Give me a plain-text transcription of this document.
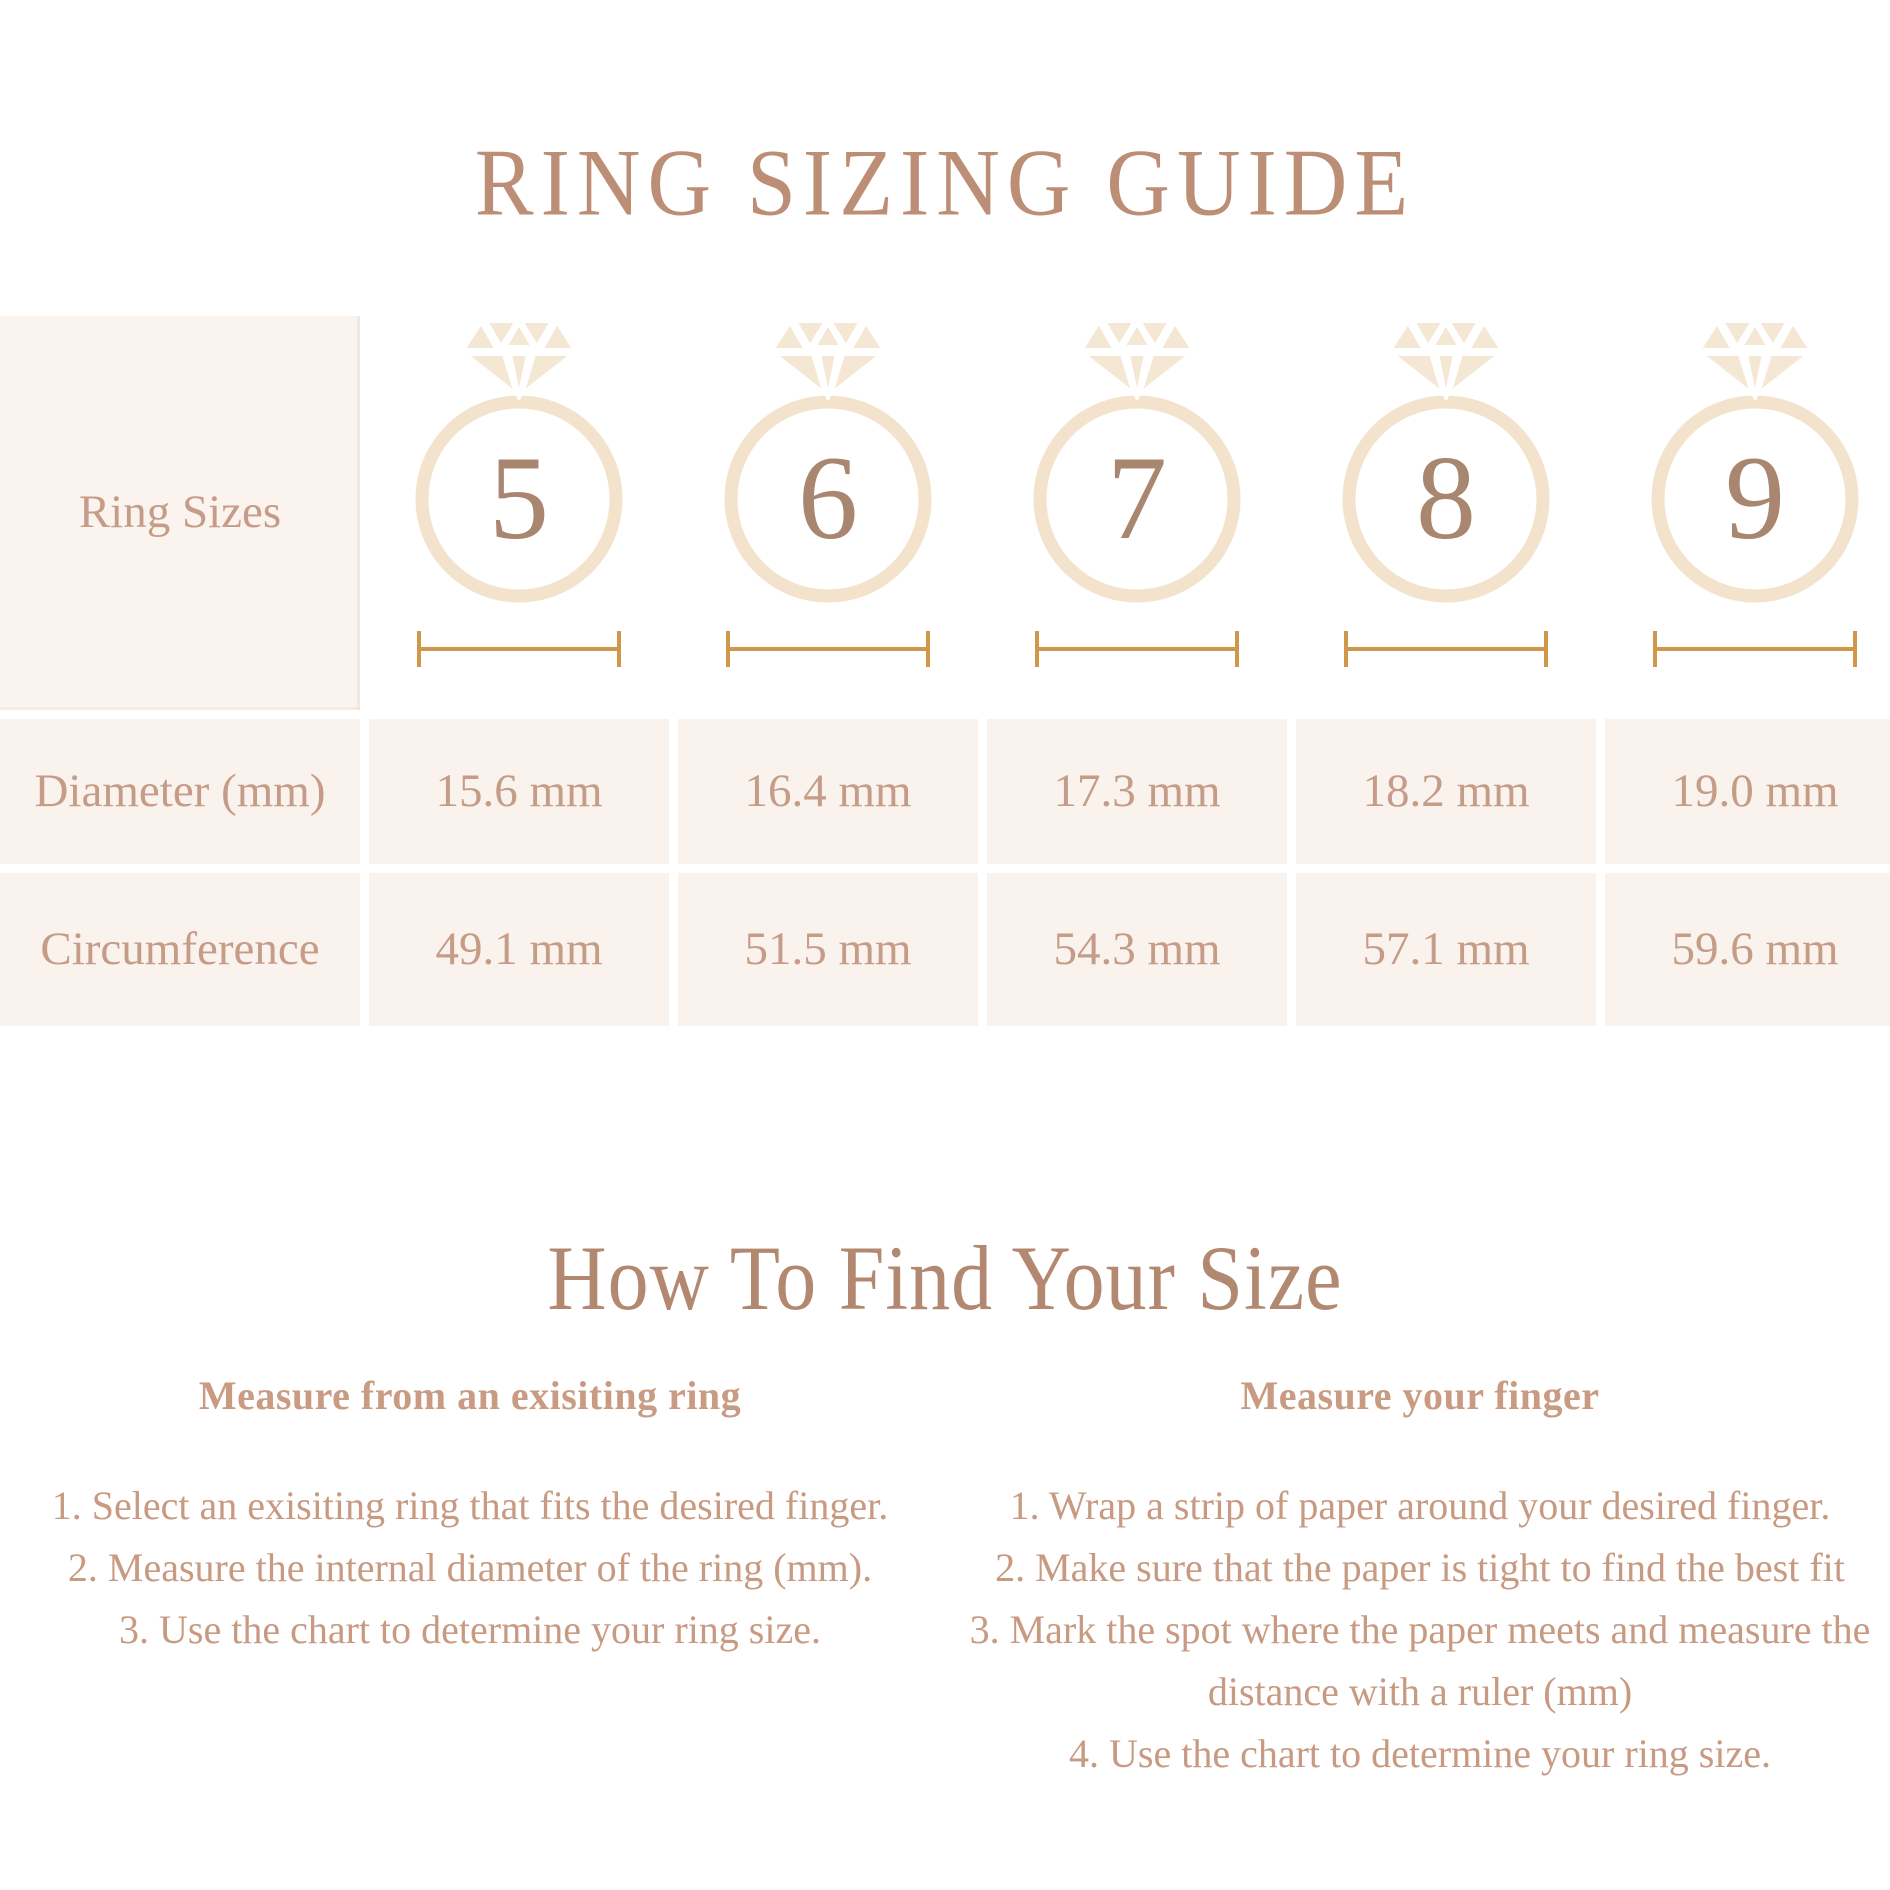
RING SIZING GUIDE
Ring Sizes 5 6 7 8 9
Diameter (mm) 15.6 mm	16.4 mm	17.3 mm	18.2 mm	19.0 mm
Circumference 49.1 mm	51.5 mm	54.3 mm	57.1 mm	59.6 mm
How To Find Your Size
Measure from an exisiting ring
1. Select an exisiting ring that fits the desired finger.
2. Measure the internal diameter of the ring (mm).
3. Use the chart to determine your ring size.
Measure your finger
1. Wrap a strip of paper around your desired finger.
2. Make sure that the paper is tight to find the best fit
3. Mark the spot where the paper meets and measure the distance with a ruler (mm)
4. Use the chart to determine your ring size.
